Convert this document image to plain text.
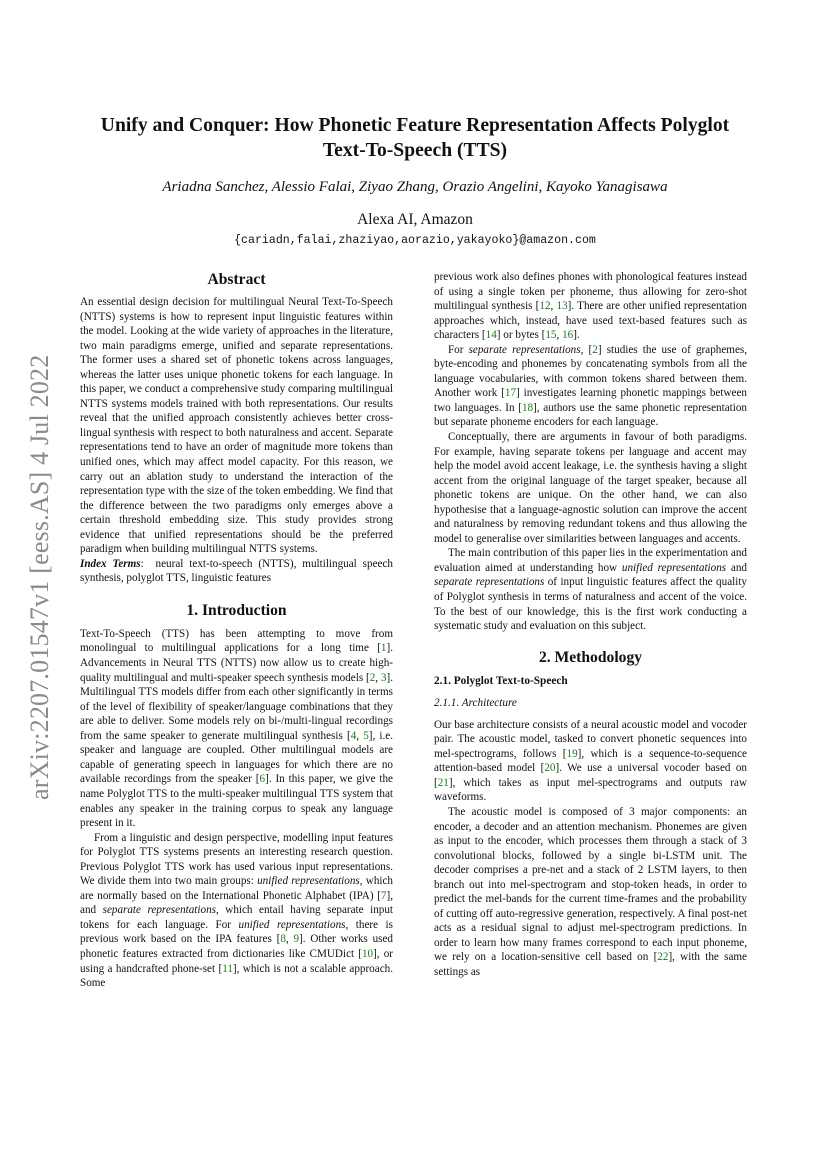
arXiv:2207.01547v1 [eess.AS] 4 Jul 2022
Unify and Conquer: How Phonetic Feature Representation Affects Polyglot
Text-To-Speech (TTS)
Ariadna Sanchez, Alessio Falai, Ziyao Zhang, Orazio Angelini, Kayoko Yanagisawa
Alexa AI, Amazon
{cariadn,falai,zhaziyao,aorazio,yakayoko}@amazon.com
Abstract

An essential design decision for multilingual Neural Text-To-Speech (NTTS) systems is how to represent input linguistic features within the model. Looking at the wide variety of approaches in the literature, two main paradigms emerge, unified and separate representations. The former uses a shared set of phonetic tokens across languages, whereas the latter uses unique phonetic tokens for each language. In this paper, we conduct a comprehensive study comparing multilingual NTTS systems models trained with both representations. Our results reveal that the unified approach consistently achieves better cross-lingual synthesis with respect to both naturalness and accent. Separate representations tend to have an order of magnitude more tokens than unified ones, which may affect model capacity. For this reason, we carry out an ablation study to understand the interaction of the representation type with the size of the token embedding. We find that the difference between the two paradigms only emerges above a certain threshold embedding size. This study provides strong evidence that unified representations should be the preferred paradigm when building multilingual NTTS systems.

Index Terms:  neural text-to-speech (NTTS), multilingual speech synthesis, polyglot TTS, linguistic features

1. Introduction

Text-To-Speech (TTS) has been attempting to move from monolingual to multilingual applications for a long time [1]. Advancements in Neural TTS (NTTS) now allow us to create high-quality multilingual and multi-speaker speech synthesis models [2, 3]. Multilingual TTS models differ from each other significantly in terms of the level of flexibility of speaker/language combinations that they are able to deliver. Some models rely on bi-/multi-lingual recordings from the same speaker to generate multilingual synthesis [4, 5], i.e. speaker and language are coupled. Other multilingual models are capable of generating speech in languages for which there are no available recordings from the speaker [6]. In this paper, we give the name Polyglot TTS to the multi-speaker multilingual TTS system that enables any speaker in the training corpus to speak any language present in it.

From a linguistic and design perspective, modelling input features for Polyglot TTS systems presents an interesting research question. Previous Polyglot TTS work has used various input representations. We divide them into two main groups: unified representations, which are normally based on the International Phonetic Alphabet (IPA) [7], and separate representations, which entail having separate input tokens for each language. For unified representations, there is previous work based on the IPA features [8, 9]. Other works used phonetic features extracted from dictionaries like CMUDict [10], or using a handcrafted phone-set [11], which is not a scalable approach. Some

previous work also defines phones with phonological features instead of using a single token per phoneme, thus allowing for zero-shot multilingual synthesis [12, 13]. There are other unified representation approaches which, instead, have used text-based features such as characters [14] or bytes [15, 16].

For separate representations, [2] studies the use of graphemes, byte-encoding and phonemes by concatenating symbols from all the language vocabularies, with common tokens shared between them. Another work [17] investigates learning phonetic mappings between two languages. In [18], authors use the same phonetic representation but separate phoneme encoders for each language.

Conceptually, there are arguments in favour of both paradigms. For example, having separate tokens per language and accent may help the model avoid accent leakage, i.e. the synthesis having a slight accent from the original language of the target speaker, because all phonetic tokens are unique. On the other hand, we can also hypothesise that a language-agnostic solution can improve the accent and naturalness by removing redundant tokens and thus allowing the model to generalise over similarities between languages and accents.

The main contribution of this paper lies in the experimentation and evaluation aimed at understanding how unified representations and separate representations of input linguistic features affect the quality of Polyglot synthesis in terms of naturalness and accent of the voice. To the best of our knowledge, this is the first work conducting a systematic study and evaluation on this subject.

2. Methodology

2.1. Polyglot Text-to-Speech

2.1.1. Architecture

Our base architecture consists of a neural acoustic model and vocoder pair. The acoustic model, tasked to convert phonetic sequences into mel-spectrograms, follows [19], which is a sequence-to-sequence attention-based model [20]. We use a universal vocoder based on [21], which takes as input mel-spectrograms and outputs raw waveforms.

The acoustic model is composed of 3 major components: an encoder, a decoder and an attention mechanism. Phonemes are given as input to the encoder, which processes them through a stack of 3 convolutional blocks, followed by a single bi-LSTM unit. The decoder comprises a pre-net and a stack of 2 LSTM layers, to then branch out into mel-spectrogram and stop-token heads, in order to predict the mel-bands for the current time-frames and the probability of cutting off auto-regressive generation, respectively. A final post-net acts as a residual signal to adjust mel-spectrogram predictions. In order to learn how many frames correspond to each input phoneme, we rely on a location-sensitive cell based on [22], with the same settings as
